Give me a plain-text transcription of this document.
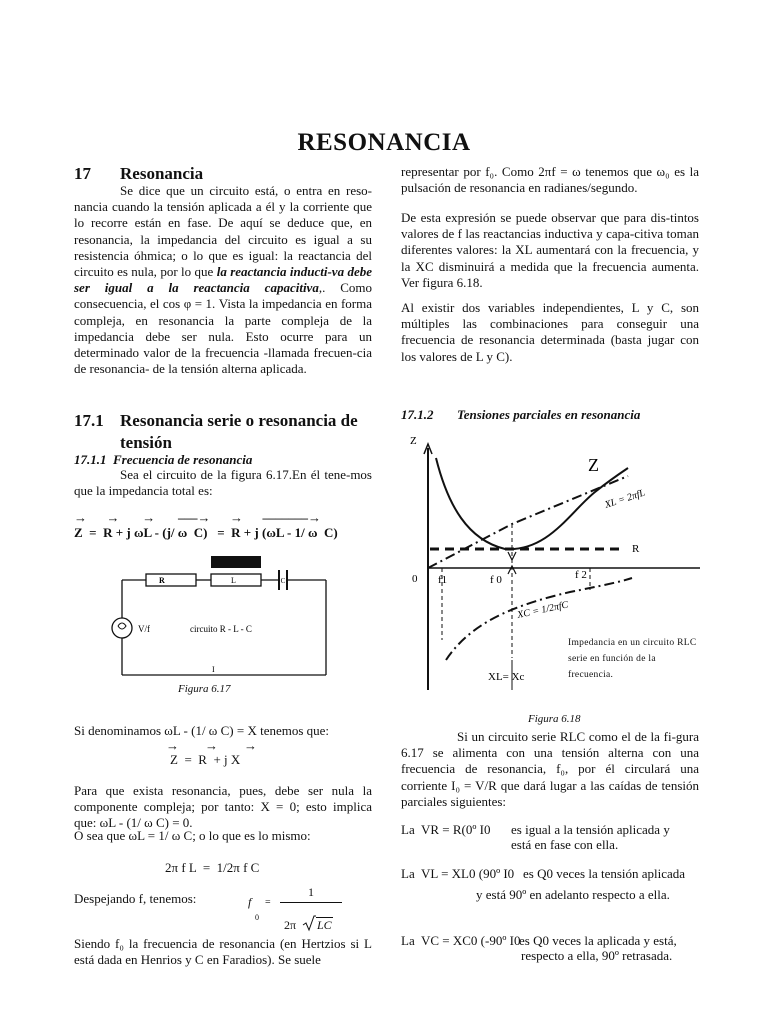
RESONANCIA
17 Resonancia
Se dice que un circuito está, o entra en reso-nancia cuando la tensión aplicada a él y la corriente que lo recorre están en fase. De aquí se deduce que, en resonancia, la impedancia del circuito es igual a su resistencia óhmica; o lo que es igual: la reactancia del circuito es nula, por lo que la reactancia inducti-va debe ser igual a la reactancia capacitiva,. Como consecuencia, el cos φ = 1. Vista la impedancia en forma compleja, en resonancia la parte compleja de la impedancia debe ser nula. Esto ocurre para un determinado valor de la frecuencia -llamada frecuen-cia de resonancia- de la tensión alterna aplicada.
representar por f₀. Como 2πf = ω tenemos que ω₀ es la pulsación de resonancia en radianes/segundo.
De esta expresión se puede observar que para dis-tintos valores de f las reactancias inductiva y capa-citiva toman diferentes valores: la XL aumentará con la frecuencia, y la XC disminuirá a medida que la frecuencia aumenta. Ver figura 6.18.
Al existir dos variables independientes, L y C, son múltiples las combinaciones para conseguir una frecuencia de resonancia determinada (basta jugar con los valores de L y C).
17.1 Resonancia serie o resonancia de
tensión
17.1.1 Frecuencia de resonancia
Sea el circuito de la figura 6.17.En él tene-mos que la impedancia total es:
→      →       →       ‒‒‒→      →      ‒‒‒‒‒‒‒→
Z  =  R + j ωL - (j/ ω  C)   =  R + j (ωL - 1/ ω  C)
R	L	C
V/f	circuito R - L - C
I
Figura 6.17
Si denominamos ωL - (1/ ω C) = X tenemos que:
→        →        →
Z  =  R  + j X
Para que exista resonancia, pues, debe ser nula la componente compleja; por tanto: X = 0; esto implica que: ωL - (1/ ω C) = 0.
O sea que ωL = 1/ ω C; o lo que es lo mismo:
2π f L  =  1/2π f C
Despejando f, tenemos:	f
0
=
1
2π LC
Siendo f₀ la frecuencia de resonancia (en Hertzios si L está dada en Henrios y C en Faradios). Se suele
17.1.2 Tensiones parciales en resonancia
Z
Z
XL = 2πfL
R
0 f1	f 0	f 2
XC = 1/2πfC
XL= Xc
Impedancia en un circuito RLC serie en función de la frecuencia.
Figura 6.18
Si un circuito serie RLC como el de la fi-gura 6.17 se alimenta con una tensión alterna con una frecuencia de resonancia, f₀, por él circulará una corriente I₀ = V/R que dará lugar a las caídas de tensión parciales siguientes:
La  VR = R(0º I0 es igual a la tensión aplicada y
está en fase con ella.
La  VL = XL0 (90º I0 es Q0 veces la tensión aplicada
y está 90º en adelanto respecto a ella.
La  VC = XC0 (-90º I0
es Q0 veces la aplicada y está,
respecto a ella, 90º retrasada.
